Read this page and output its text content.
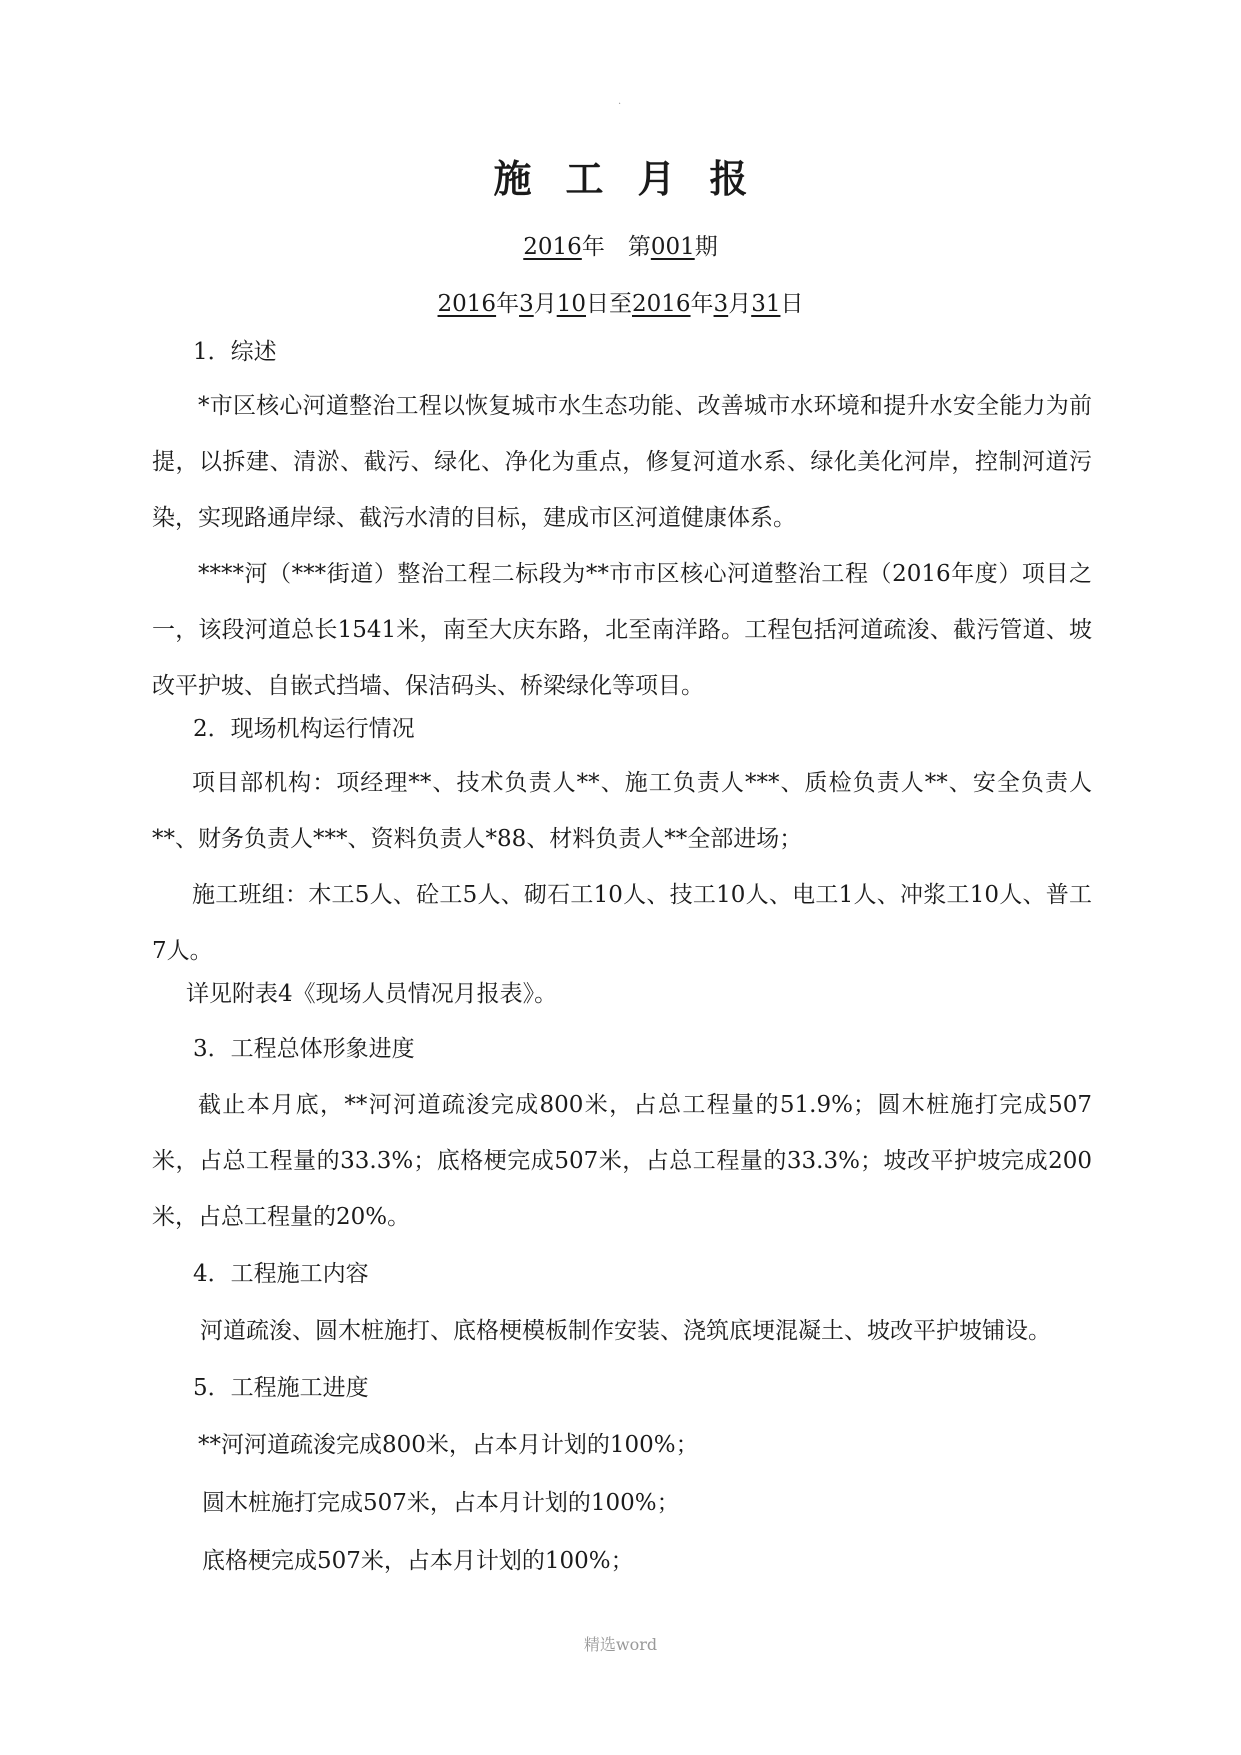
.
施 工 月 报
2016年　 第001期
2016年3月10日至2016年3月31日
1．综述
*市区核心河道整治工程以恢复城市水生态功能、改善城市水环境和提升水安全能力为前提，以拆建、清淤、截污、绿化、净化为重点，修复河道水系、绿化美化河岸，控制河道污染，实现路通岸绿、截污水清的目标，建成市区河道健康体系。
****河（***街道）整治工程二标段为**市市区核心河道整治工程（2016年度）项目之一，该段河道总长1541米，南至大庆东路，北至南洋路。工程包括河道疏浚、截污管道、坡改平护坡、自嵌式挡墙、保洁码头、桥梁绿化等项目。
2．现场机构运行情况
项目部机构：项经理**、技术负责人**、施工负责人***、质检负责人**、安全负责人**、财务负责人***、资料负责人*88、材料负责人**全部进场；
施工班组：木工5人、砼工5人、砌石工10人、技工10人、电工1人、冲浆工10人、普工7人。
详见附表4《现场人员情况月报表》。
3．工程总体形象进度
截止本月底，**河河道疏浚完成800米，占总工程量的51.9%；圆木桩施打完成507米，占总工程量的33.3%；底格梗完成507米，占总工程量的33.3%；坡改平护坡完成200米，占总工程量的20%。
4．工程施工内容
河道疏浚、圆木桩施打、底格梗模板制作安装、浇筑底埂混凝土、坡改平护坡铺设。
5．工程施工进度
**河河道疏浚完成800米，占本月计划的100%；
圆木桩施打完成507米，占本月计划的100%；
底格梗完成507米，占本月计划的100%；
精选word
